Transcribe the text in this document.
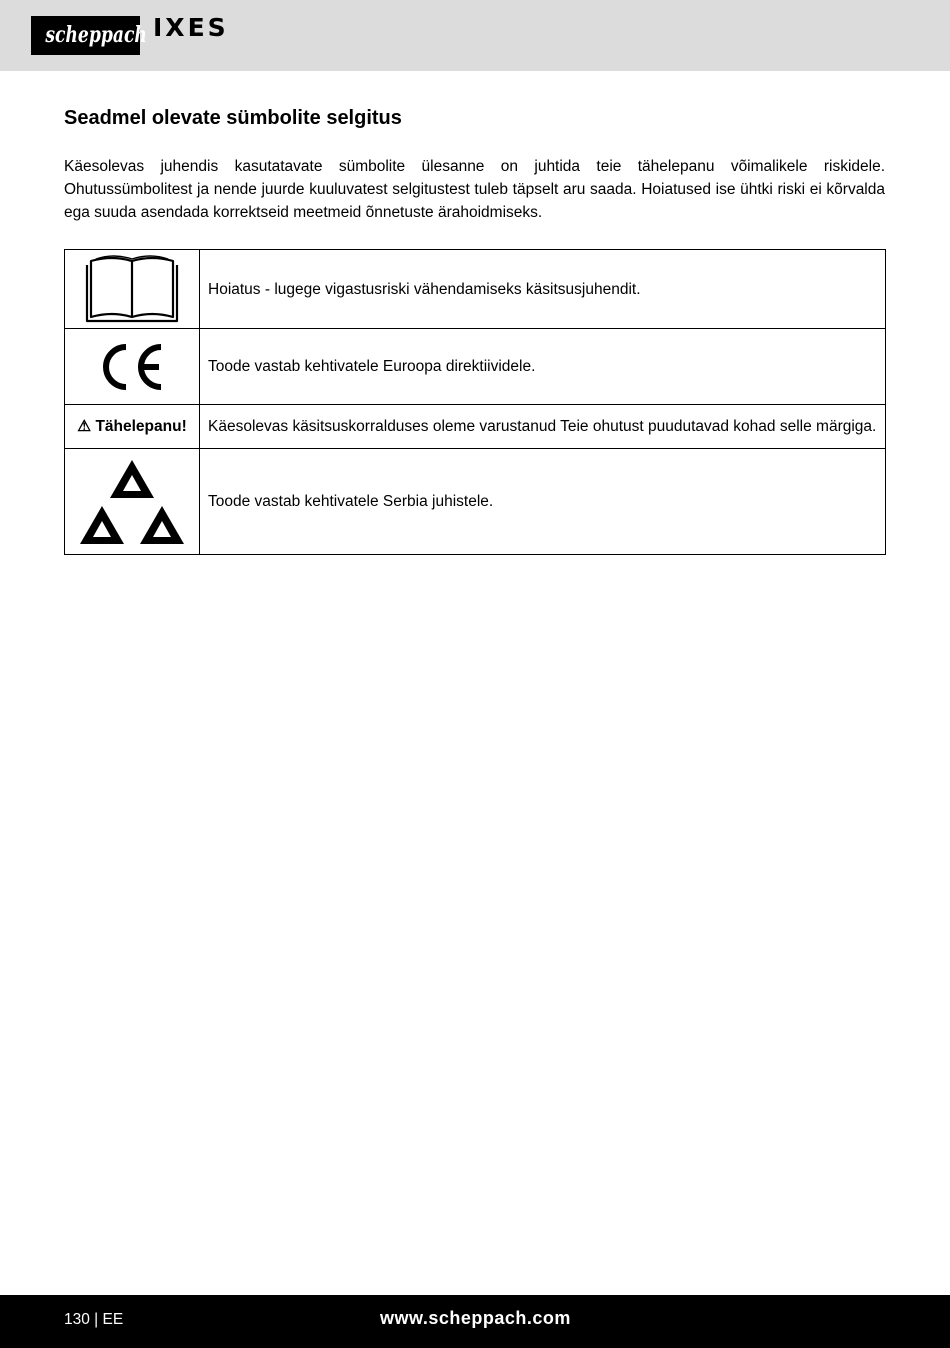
scheppach IXES
Seadmel olevate sümbolite selgitus

Käesolevas juhendis kasutatavate sümbolite ülesanne on juhtida teie tähelepanu võimalikele riskidele. Ohutussümbolitest ja nende juurde kuuluvatest selgitustest tuleb täpselt aru saada. Hoiatused ise ühtki riski ei kõrvalda ega suuda asendada korrektseid meetmeid õnnetuste ärahoidmiseks.

	Hoiatus - lugege vigastusriski vähendamiseks käsitsusjuhendit.

	Toode vastab kehtivatele Euroopa direktiividele.
⚠ Tähelepanu!	Käesolevas käsitsuskorralduses oleme varustanud Teie ohutust puudutavad kohad selle märgiga.

	Toode vastab kehtivatele Serbia juhistele.
130 | EE	www.scheppach.com
